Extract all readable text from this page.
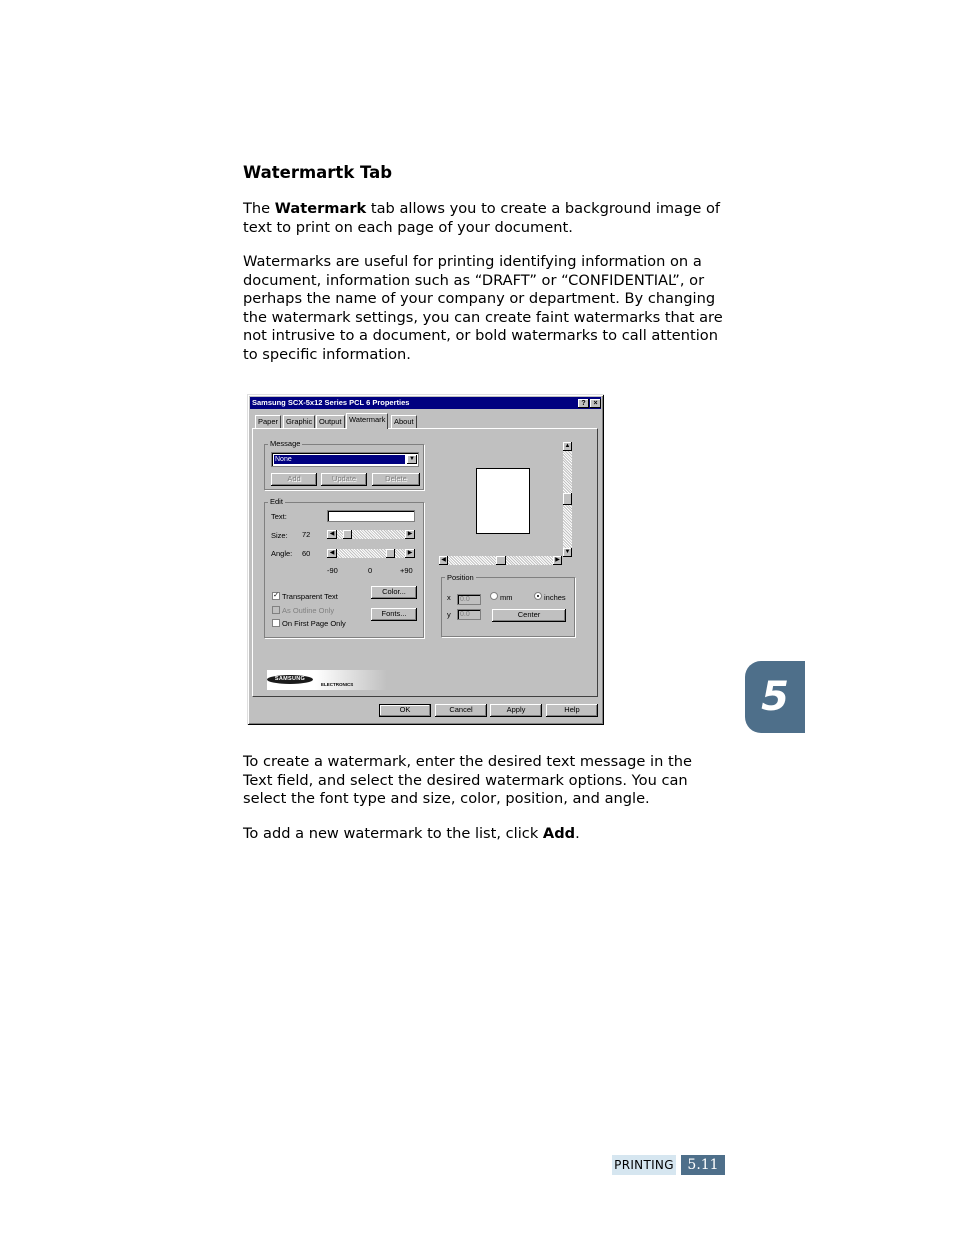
Watermartk Tab
The Watermark tab allows you to create a background image of text to print on each page of your document.
Watermarks are useful for printing identifying information on a document, information such as “DRAFT” or “CONFIDENTIAL”, or perhaps the name of your company or department. By changing the watermark settings, you can create faint watermarks that are not intrusive to a document, or bold watermarks to call attention to specific information.
Samsung SCX-5x12 Series PCL 6 Properties	?	×
Paper	Graphic Output Watermark	About
Message
None	▼
Add	Update	Delete
Edit
Text:
Size: 72	◀	▶
Angle: 60	◀	▶
-90	0	+90
✓ Transparent Text
As Outline Only
On First Page Only
Color...
Fonts...
▲
▼
◀	▶
Position
x	0.0
y	0.0
mm	inches
Center
SAMSUNG
ELECTRONICS
OK	Cancel	Apply	Help
To create a watermark, enter the desired text message in the Text field, and select the desired watermark options. You can select the font type and size, color, position, and angle.
To add a new watermark to the list, click Add.
5
PRINTING 5.11
